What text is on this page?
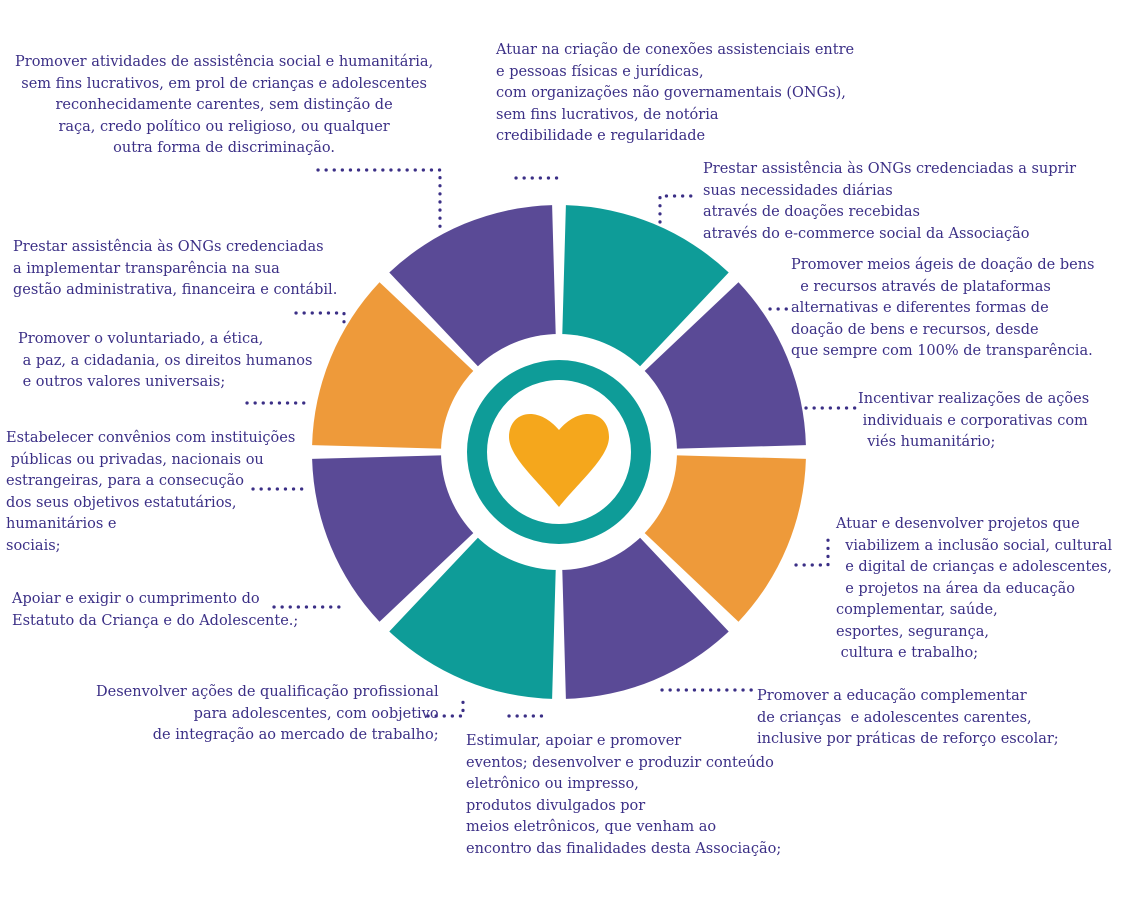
Promover atividades de assistência social e humanitária,
sem fins lucrativos, em prol de crianças e adolescentes
reconhecidamente carentes, sem distinção de
raça, credo político ou religioso, ou qualquer
outra forma de discriminação.
Atuar na criação de conexões assistenciais entre
e pessoas físicas e jurídicas,
com organizações não governamentais (ONGs),
sem fins lucrativos, de notória
credibilidade e regularidade
Prestar assistência às ONGs credenciadas a suprir
suas necessidades diárias
através de doações recebidas
através do e-commerce social da Associação
Promover meios ágeis de doação de bens
e recursos através de plataformas
alternativas e diferentes formas de
doação de bens e recursos, desde
que sempre com 100% de transparência.
Incentivar realizações de ações
individuais e corporativas com
viés humanitário;
Atuar e desenvolver projetos que
viabilizem a inclusão social, cultural
e digital de crianças e adolescentes,
e projetos na área da educação
complementar, saúde,
esportes, segurança,
cultura e trabalho;
Promover a educação complementar
de crianças  e adolescentes carentes,
inclusive por práticas de reforço escolar;
Estimular, apoiar e promover
eventos; desenvolver e produzir conteúdo
eletrônico ou impresso,
produtos divulgados por
meios eletrônicos, que venham ao
encontro das finalidades desta Associação;
Prestar assistência às ONGs credenciadas
a implementar transparência na sua
gestão administrativa, financeira e contábil.
Promover o voluntariado, a ética,
a paz, a cidadania, os direitos humanos
e outros valores universais;
Estabelecer convênios com instituições
públicas ou privadas, nacionais ou
estrangeiras, para a consecução
dos seus objetivos estatutários,
humanitários e
sociais;
Apoiar e exigir o cumprimento do
Estatuto da Criança e do Adolescente.;
Desenvolver ações de qualificação profissional
para adolescentes, com oobjetivo
de integração ao mercado de trabalho;
